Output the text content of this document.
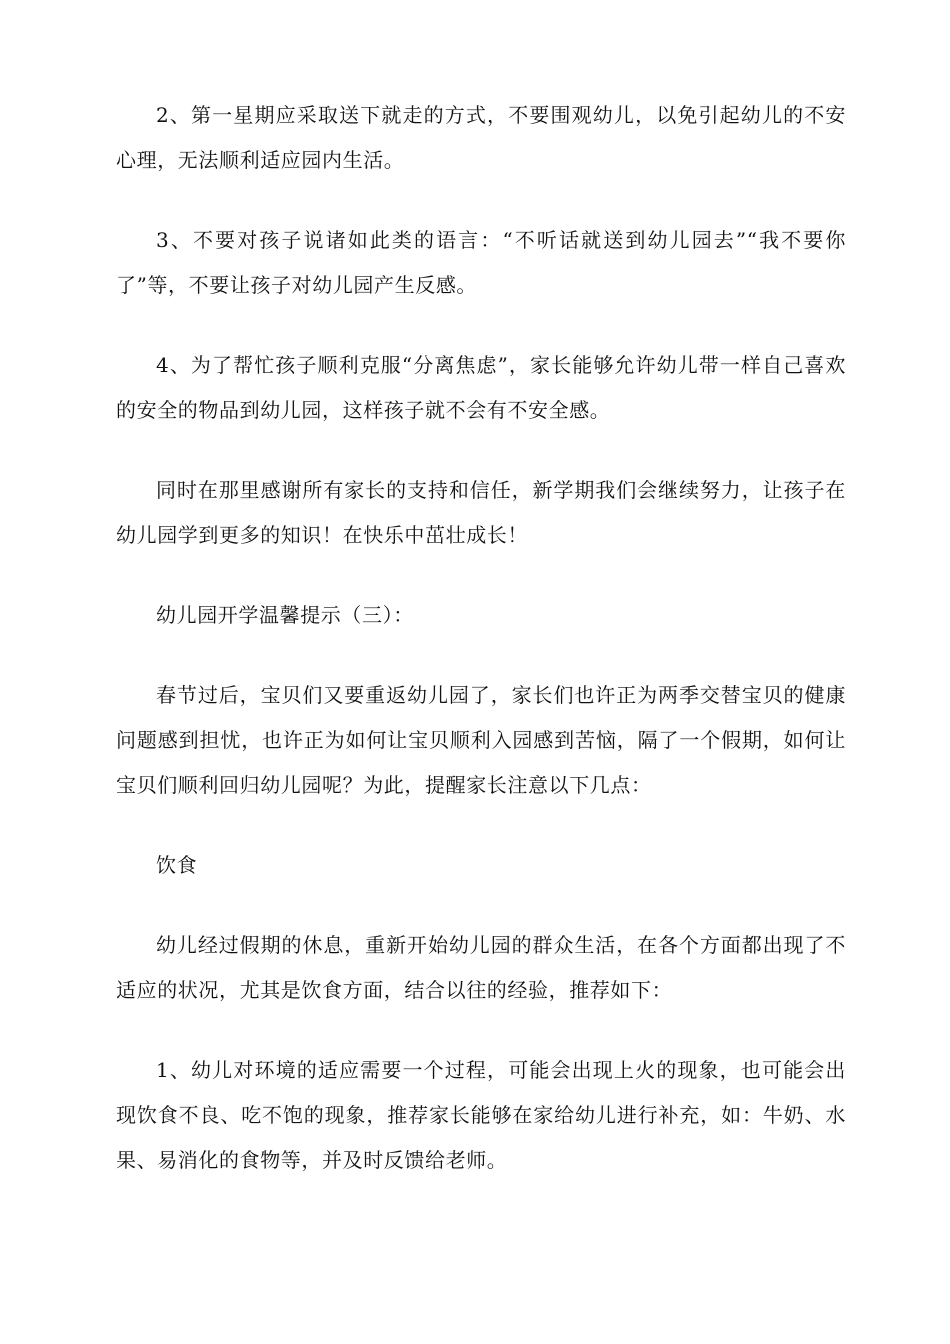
2、第一星期应采取送下就走的方式，不要围观幼儿，以免引起幼儿的不安心理，无法顺利适应园内生活。

3、不要对孩子说诸如此类的语言：“不听话就送到幼儿园去”“我不要你了”等，不要让孩子对幼儿园产生反感。

4、为了帮忙孩子顺利克服“分离焦虑”，家长能够允许幼儿带一样自己喜欢的安全的物品到幼儿园，这样孩子就不会有不安全感。

同时在那里感谢所有家长的支持和信任，新学期我们会继续努力，让孩子在幼儿园学到更多的知识！在快乐中茁壮成长！

幼儿园开学温馨提示（三）：

春节过后，宝贝们又要重返幼儿园了，家长们也许正为两季交替宝贝的健康问题感到担忧，也许正为如何让宝贝顺利入园感到苦恼，隔了一个假期，如何让宝贝们顺利回归幼儿园呢？为此，提醒家长注意以下几点：

饮食

幼儿经过假期的休息，重新开始幼儿园的群众生活，在各个方面都出现了不适应的状况，尤其是饮食方面，结合以往的经验，推荐如下：

1、幼儿对环境的适应需要一个过程，可能会出现上火的现象，也可能会出现饮食不良、吃不饱的现象，推荐家长能够在家给幼儿进行补充，如：牛奶、水果、易消化的食物等，并及时反馈给老师。
